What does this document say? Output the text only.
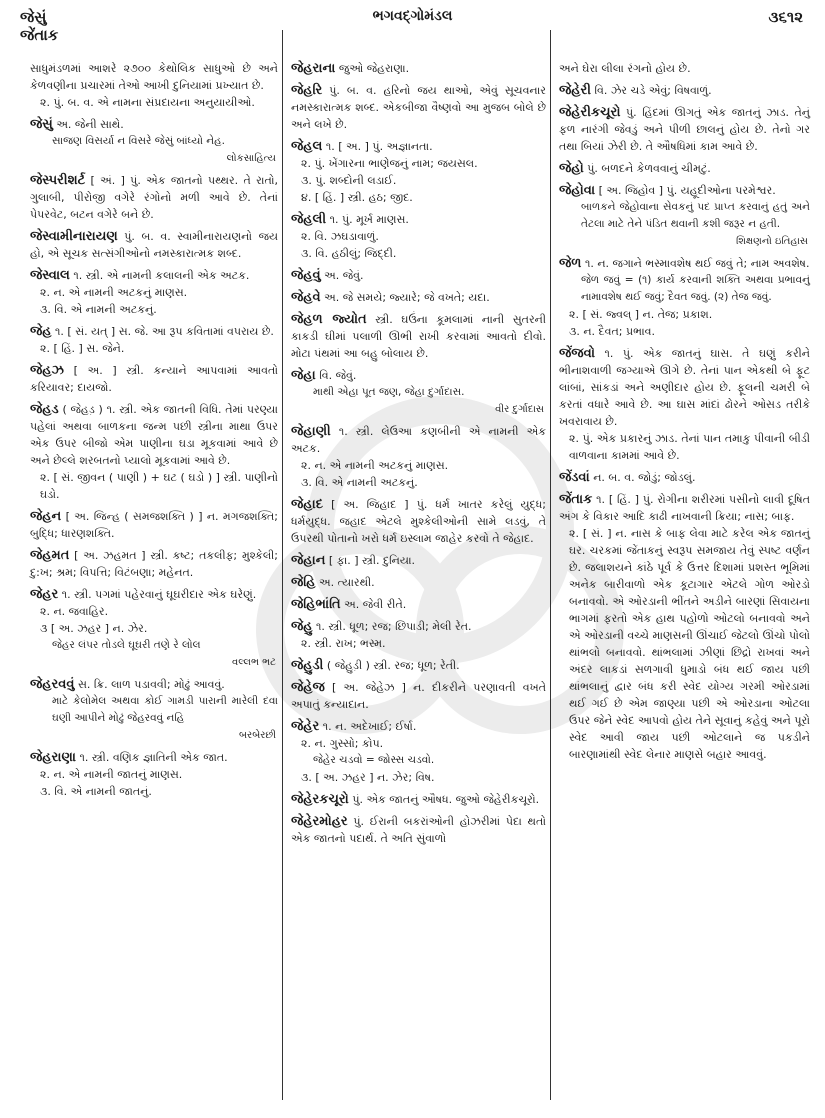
જેસું
જેંતાક
ભગવદ્ગોમંડલ	૩૬૧૨
સાધુમંડળમાં આશરે ૨૭૦૦ કેથોલિક સાધુઓ છે અને કેળવણીના પ્રચારમાં તેઓ આખી દુનિયામાં પ્રખ્યાત છે.
૨. પું. બ. વ. એ નામના સંપ્રદાયના અનુયાયીઓ.
જેસું અ. જેની સાથે.
સાજણ વિસર્યા ન વિસરે જેસું બાંધ્યો નેહ.
લોકસાહિત્ય
જેસ્પરીશર્ટ [ અં. ] પું. એક જાતનો પથ્થર. તે રાતો, ગુલાબી, પીરોજી વગેરે રંગોનો મળી આવે છે. તેનાં પેપરવેટ, બટન વગેરે બને છે.
જેસ્વામીનારાયણ પું. બ. વ. સ્વામીનારાયણનો જય હો, એ સૂચક સત્સંગીઓનો નમસ્કારાત્મક શબ્દ.
જેસ્વાલ ૧. સ્ત્રી. એ નામની કલાલની એક અટક.
૨. ન. એ નામની અટકનું માણસ.
૩. વિ. એ નામની અટકનું.
જેહ ૧. [ સં. યત્ ] સ. જે. આ રૂપ કવિતામાં વપરાય છે.
૨. [ હિં. ] સ. જેને.
જેહઝ [ અ. ] સ્ત્રી. કન્યાને આપવામાં આવતો કરિયાવર; દાયજો.
જેહડ ( જેહડ઼ ) ૧. સ્ત્રી. એક જાતની વિધિ. તેમાં પરણ્યા પહેલાં અથવા બાળકના જન્મ પછી સ્ત્રીના માથા ઉપર એક ઉપર બીજો એમ પાણીના ઘડા મૂકવામાં આવે છે અને છેલ્લે શરબતનો પ્યાલો મૂકવામાં આવે છે.
૨. [ સં. જીવન ( પાણી ) + ઘટ ( ઘડો ) ] સ્ત્રી. પાણીનો ઘડો.
જેહન [ અ. જિન્હ ( સમજશક્તિ ) ] ન. મગજશક્તિ; બુદ્ધિ; ધારણશક્તિ.
જેહમત [ અ. ઝહમત ] સ્ત્રી. કષ્ટ; તકલીફ; મુશ્કેલી; દુ:ખ; શ્રમ; વિપત્તિ; વિટંબણા; મહેનત.
જેહર ૧. સ્ત્રી. પગમાં પહેરવાનું ઘૂઘરીદાર એક ઘરેણું.
૨. ન. જવાહિર.
૩ [ અ. ઝહર ] ન. ઝેર.
જેહર લંપર તોડલે ઘૂઘરી તણે રે લોલ
વલ્લભ ભટ
જેહરવવું સ. ક્રિ. લાળ પડાવવી; મોઢું આવવું.
માટે કેલોમેલ અથવા કોઈ ગામડી પારાની મારેલી દવા ઘણી આપીને મોઢું જેહરવવું નહિ
બરબેરછી
જેહરાણા ૧. સ્ત્રી. વણિક જ્ઞાતિની એક જાત.
૨. ન. એ નામની જાતનું માણસ.
૩. વિ. એ નામની જાતનું.
જેહરાના જુઓ જેહરાણા.
જેહરિ પું. બ. વ. હરિનો જય થાઓ, એવું સૂચવનાર નમસ્કારાત્મક શબ્દ. એકબીજા વૈષ્ણવો આ મુજબ બોલે છે અને લખે છે.
જેહલ ૧. [ અ. ] પું. અજ્ઞાનતા.
૨. પું. ખેંગારના ભાણેજનું નામ; જયસલ.
૩. પું. શબ્દોની લડાઈ.
૪. [ હિં. ] સ્ત્રી. હઠ; જીદ.
જેહલી ૧. પું. મૂર્ખ માણસ.
૨. વિ. ઝઘડાવાળું.
૩. વિ. હઠીલું; જિદ્દી.
જેહવું અ. જેવું.
જેહવે અ. જે સમયે; જ્યારે; જે વખતે; યદા.
જેહળ જ્યોત સ્ત્રી. ઘઉંના કૂમલામાં નાની સુતરની કાકડી ઘીમાં પલાળી ઊભી રાખી કરવામાં આવતો દીવો. મોટા પંથમાં આ બહુ બોલાય છે.
જેહા વિ. જેવું.
માથી એહા પૂત જણ, જેહા દુર્ગાદાસ.
વીર દુર્ગાદાસ
જેહાણી ૧. સ્ત્રી. લેઉઆ કણબીની એ નામની એક અટક.
૨. ન. એ નામની અટકનું માણસ.
૩. વિ. એ નામની અટકનું.
જેહાદ [ અ. જિહાદ ] પું. ધર્મ ખાતર કરેલું યુદ્ધ; ધર્મયુદ્ધ. જહાદ એટલે મુશ્કેલીઓની સામે લડવું, તે ઉપરથી પોતાનો ખરો ધર્મ ઇસ્લામ જાહેર કરવો તે જેહાદ.
જેહાન [ ફા. ] સ્ત્રી. દુનિયા.
જેહિ અ. ત્યારથી.
જેહિભાંતિ અ. જેવી રીતે.
જેહુ ૧. સ્ત્રી. ધૂળ; રજ; છિપાડી; મેલી રેત.
૨. સ્ત્રી. રાખ; ભસ્મ.
જેહુડી ( જેહુડ઼ી ) સ્ત્રી. રજ; ધૂળ; રેતી.
જેહેજ [ અ. જેહેઝ ] ન. દીકરીને પરણાવતી વખતે અપાતું કન્યાદાન.
જેહેર ૧. ન. અદેખાઈ; ઈર્ષા.
૨. ન. ગુસ્સો; કોપ.
જેહેર ચડવો = જોસ્સ ચડવો.
૩. [ અ. ઝહર ] ન. ઝેર; વિષ.
જેહેરકચૂરો પું. એક જાતનું ઔષધ. જુઓ જેહેરીકચૂરો.
જેહેરમોહર પું. ઈરાની બકરાંઓની હોઝરીમાં પેદા થતો એક જાતનો પદાર્થ. તે અતિ સુંવાળો
અને ઘેરા લીલા રંગનો હોય છે.
જેહેરી વિ. ઝેર ચડે એવું; વિષવાળું.
જેહેરીકચૂરો પું. હિંદમાં ઊગતું એક જાતનું ઝાડ. તેનું ફળ નારંગી જેવડું અને પીળી છાલનું હોય છે. તેનો ગર તથા બિયાં ઝેરી છે. તે ઔષધિમાં કામ આવે છે.
જેહો પું. બળદને કેળવવાનું ચીમટું.
જેહોવા [ અ. જિહોવ ] પું. યહૂદીઓના પરમેશ્વર.
બાળકને જેહોવાના સેવકનું પદ પ્રાપ્ત કરવાનું હતું અને તેટલા માટે તેને પંડિત થવાની કશી જરૂર ન હતી.
શિક્ષણનો ઇતિહાસ
જેળ ૧. ન. જગાને ભસ્માવશેષ થઈ જવું તે; નામ અવશેષ.
જેળ જવું = (૧) કાર્ય કરવાની શક્તિ અથવા પ્રભાવનું નામાવશેષ થઈ જવું; દૈવત જવું. (૨) તેજ જવું.
૨. [ સં. જ્વલ્ ] ન. તેજ; પ્રકાશ.
૩. ન. દૈવત; પ્રભાવ.
જેંજવો ૧. પું. એક જાતનું ઘાસ. તે ઘણું કરીને ભીનાશવાળી જગ્યાએ ઊગે છે. તેનાં પાન એકથી બે ફૂટ લાંબાં, સાંકડાં અને અણીદાર હોય છે. ફૂલની ચમરી બે કરતાં વધારે આવે છે. આ ઘાસ માંદાં ઢોરને ઓસડ તરીકે ખવરાવાય છે.
૨. પું. એક પ્રકારનું ઝાડ. તેનાં પાન તમાકુ પીવાની બીડી વાળવાના કામમાં આવે છે.
જેંડવાં ન. બ. વ. જોડું; જોડલું.
જેંતાક ૧. [ હિં. ] પું. રોગીના શરીરમાં પસીનો લાવી દૂષિત અંગ કે વિકાર આદિ કાઢી નાખવાની ક્રિયા; નાસ; બાફ.
૨. [ સં. ] ન. નાસ કે બાફ લેવા માટે કરેલ એક જાતનું ઘર. ચરકમાં જેંતાકનું સ્વરૂપ સમજાય તેવું સ્પષ્ટ વર્ણન છે. જલાશયને કાંઠે પૂર્વ કે ઉત્તર દિશામાં પ્રશસ્ત ભૂમિમાં અનેક બારીવાળો એક કૂટાગાર એટલે ગોળ ઓરડો બનાવવો. એ ઓરડાની ભીંતને અડીને બારણાં સિવાયના ભાગમાં ફરતો એક હાથ પહોળો ઓટલો બનાવવો અને એ ઓરડાની વચ્ચે માણસની ઊંચાઈ જેટલો ઊંચો પોલો થાંભલો બનાવવો. થાંભલામાં ઝીણાં છિદ્રો રાખવાં અને અંદર લાકડાં સળગાવી ધુમાડો બંધ થઈ જાય પછી થાંભલાનું દ્વાર બંધ કરી સ્વેદ યોગ્ય ગરમી ઓરડામાં થઈ ગઈ છે એમ જાણ્યા પછી એ ઓરડાના ઓટલા ઉપર જેને સ્વેદ આપવો હોય તેને સૂવાનું કહેવું અને પૂરો સ્વેદ આવી જાય પછી ઓટલાને જ પકડીને બારણામાંથી સ્વેદ લેનાર માણસે બહાર આવવું.
